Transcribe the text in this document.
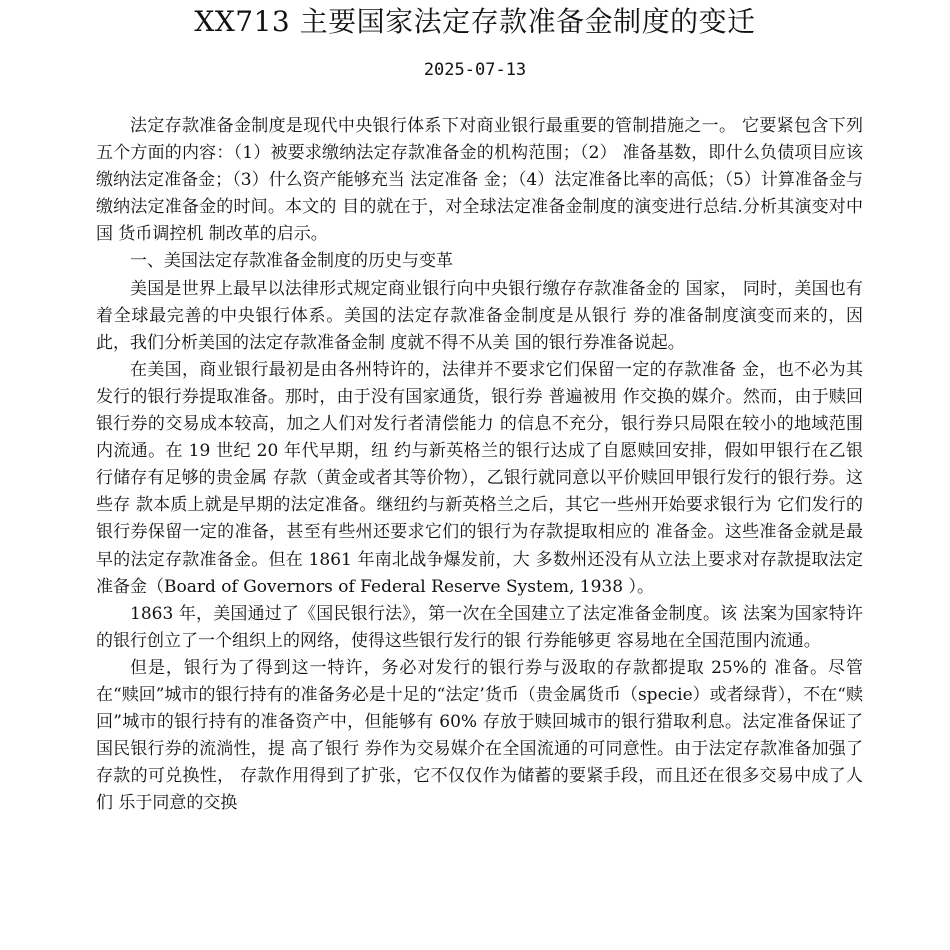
XX713 主要国家法定存款准备金制度的变迁
2025-07-13

法定存款准备金制度是现代中央银行体系下对商业银行最重要的管制措施之一。 它要紧包含下列五个方面的内容：（1）被要求缴纳法定存款准备金的机构范围；（2） 准备基数，即什么负债项目应该缴纳法定准备金；（3）什么资产能够充当 法定准备 金；（4）法定准备比率的高低；（5）计算准备金与缴纳法定准备金的时间。本文的 目的就在于，对全球法定准备金制度的演变进行总结.分析其演变对中国 货币调控机 制改革的启示。

一、美国法定存款准备金制度的历史与变革

美国是世界上最早以法律形式规定商业银行向中央银行缴存存款准备金的 国家， 同时，美国也有着全球最完善的中央银行体系。美国的法定存款准备金制度是从银行 券的准备制度演变而来的，因此，我们分析美国的法定存款准备金制 度就不得不从美 国的银行券准备说起。

在美国，商业银行最初是由各州特许的，法律并不要求它们保留一定的存款准备 金，也不必为其发行的银行券提取准备。那时，由于没有国家通货，银行券 普遍被用 作交换的媒介。然而，由于赎回银行券的交易成本较高，加之人们对发行者清偿能力 的信息不充分，银行券只局限在较小的地域范围内流通。在 19 世纪 20 年代早期，纽 约与新英格兰的银行达成了自愿赎回安排，假如甲银行在乙银行储存有足够的贵金属 存款（黄金或者其等价物），乙银行就同意以平价赎回甲银行发行的银行券。这些存 款本质上就是早期的法定准备。继纽约与新英格兰之后，其它一些州开始要求银行为 它们发行的银行券保留一定的准备，甚至有些州还要求它们的银行为存款提取相应的 准备金。这些准备金就是最早的法定存款准备金。但在 1861 年南北战争爆发前，大 多数州还没有从立法上要求对存款提取法定准备金（Board of Governors of Federal Reserve System, 1938 ）。

1863 年，美国通过了《国民银行法》，第一次在全国建立了法定准备金制度。该 法案为国家特许的银行创立了一个组织上的网络，使得这些银行发行的银 行券能够更 容易地在全国范围内流通。

但是，银行为了得到这一特许，务必对发行的银行券与汲取的存款都提取 25%的 准备。尽管在“赎回”城市的银行持有的准备务必是十足的“法定’货币（贵金属货币（specie）或者绿背），不在“赎回”城市的银行持有的准备资产中，但能够有 60% 存放于赎回城市的银行猎取利息。法定准备保证了国民银行券的流淌性，提 高了银行 券作为交易媒介在全国流通的可同意性。由于法定存款准备加强了存款的可兑换性， 存款作用得到了扩张，它不仅仅作为储蓄的要紧手段，而且还在很多交易中成了人们 乐于同意的交换
